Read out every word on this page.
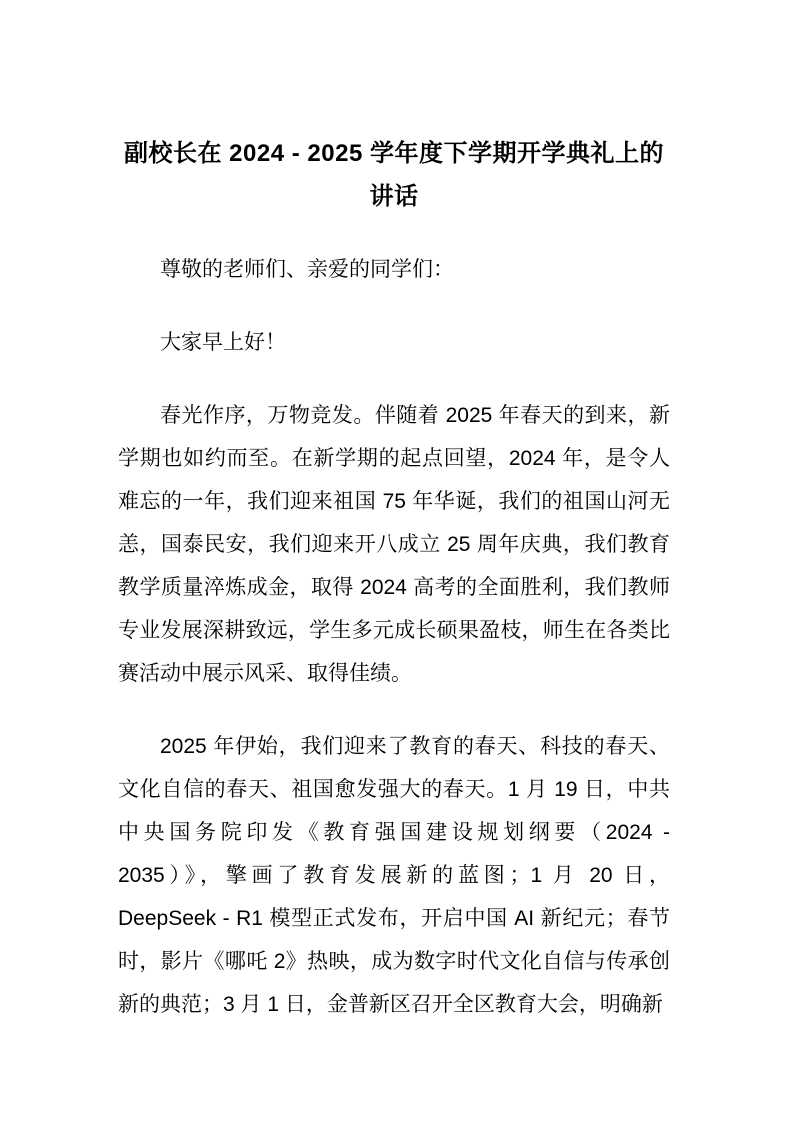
副校长在 2024 - 2025 学年度下学期开学典礼上的讲话

尊敬的老师们、亲爱的同学们：

大家早上好！

春光作序，万物竞发。伴随着 2025 年春天的到来，新学期也如约而至。在新学期的起点回望，2024 年，是令人难忘的一年，我们迎来祖国 75 年华诞，我们的祖国山河无恙，国泰民安，我们迎来开八成立 25 周年庆典，我们教育教学质量淬炼成金，取得 2024 高考的全面胜利，我们教师专业发展深耕致远，学生多元成长硕果盈枝，师生在各类比赛活动中展示风采、取得佳绩。

2025 年伊始，我们迎来了教育的春天、科技的春天、文化自信的春天、祖国愈发强大的春天。1 月 19 日，中共中央国务院印发《教育强国建设规划纲要（2024 - 2035）》，擎画了教育发展新的蓝图；1 月 20 日，DeepSeek - R1 模型正式发布，开启中国 AI 新纪元；春节时，影片《哪吒 2》热映，成为数字时代文化自信与传承创新的典范；3 月 1 日，金普新区召开全区教育大会，明确新
